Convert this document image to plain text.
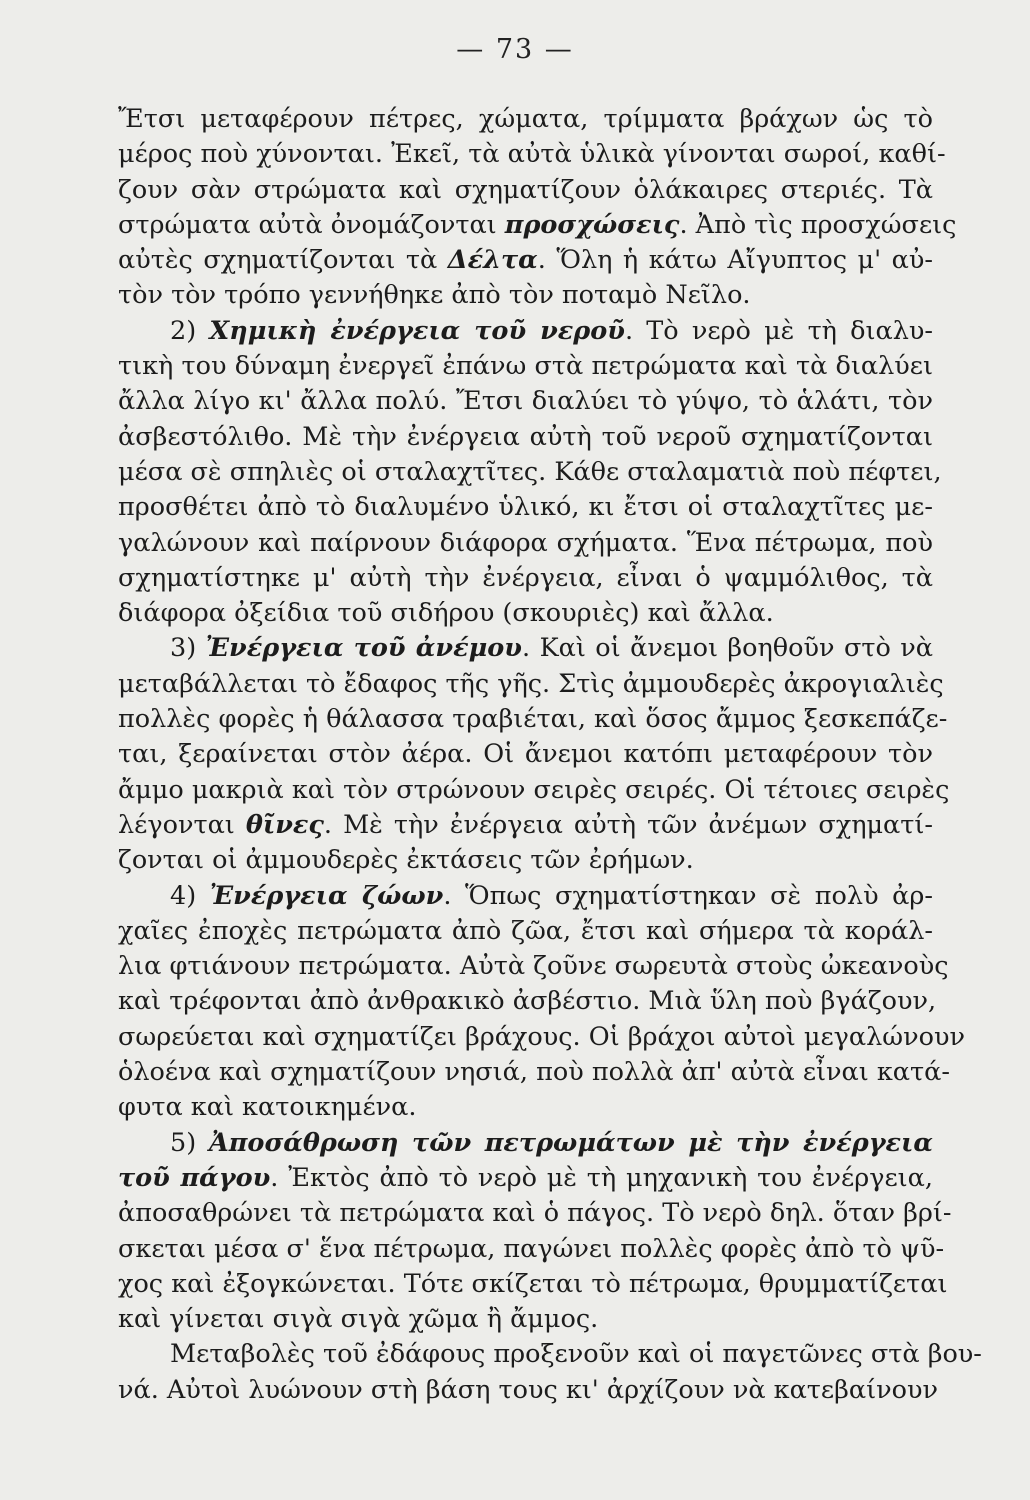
— 73 —
Ἔτσι μεταφέρουν πέτρες, χώματα, τρίμματα βράχων ὡς τὸ
μέρος ποὺ χύνονται. Ἐκεῖ, τὰ αὐτὰ ὑλικὰ γίνονται σωροί, καθί-
ζουν σὰν στρώματα καὶ σχηματίζουν ὁλάκαιρες στεριές. Τὰ
στρώματα αὐτὰ ὀνομάζονται προσχώσεις. Ἀπὸ τὶς προσχώσεις
αὐτὲς σχηματίζονται τὰ Δέλτα. Ὅλη ἡ κάτω Αἴγυπτος μ' αὐ-
τὸν τὸν τρόπο γεννήθηκε ἀπὸ τὸν ποταμὸ Νεῖλο.
2) Χημικὴ ἐνέργεια τοῦ νεροῦ. Τὸ νερὸ μὲ τὴ διαλυ-
τικὴ του δύναμη ἐνεργεῖ ἐπάνω στὰ πετρώματα καὶ τὰ διαλύει
ἄλλα λίγο κι' ἄλλα πολύ. Ἔτσι διαλύει τὸ γύψο, τὸ ἁλάτι, τὸν
ἀσβεστόλιθο. Μὲ τὴν ἐνέργεια αὐτὴ τοῦ νεροῦ σχηματίζονται
μέσα σὲ σπηλιὲς οἱ σταλαχτῖτες. Κάθε σταλαματιὰ ποὺ πέφτει,
προσθέτει ἀπὸ τὸ διαλυμένο ὑλικό, κι ἔτσι οἱ σταλαχτῖτες με-
γαλώνουν καὶ παίρνουν διάφορα σχήματα. Ἕνα πέτρωμα, ποὺ
σχηματίστηκε μ' αὐτὴ τὴν ἐνέργεια, εἶναι ὁ ψαμμόλιθος, τὰ
διάφορα ὀξείδια τοῦ σιδήρου (σκουριὲς) καὶ ἄλλα.
3) Ἐνέργεια τοῦ ἀνέμου. Καὶ οἱ ἄνεμοι βοηθοῦν στὸ νὰ
μεταβάλλεται τὸ ἔδαφος τῆς γῆς. Στὶς ἀμμουδερὲς ἀκρογιαλιὲς
πολλὲς φορὲς ἡ θάλασσα τραβιέται, καὶ ὅσος ἄμμος ξεσκεπάζε-
ται, ξεραίνεται στὸν ἀέρα. Οἱ ἄνεμοι κατόπι μεταφέρουν τὸν
ἄμμο μακριὰ καὶ τὸν στρώνουν σειρὲς σειρές. Οἱ τέτοιες σειρὲς
λέγονται θῖνες. Μὲ τὴν ἐνέργεια αὐτὴ τῶν ἀνέμων σχηματί-
ζονται οἱ ἀμμουδερὲς ἐκτάσεις τῶν ἐρήμων.
4) Ἐνέργεια ζώων. Ὅπως σχηματίστηκαν σὲ πολὺ ἀρ-
χαῖες ἐποχὲς πετρώματα ἀπὸ ζῶα, ἔτσι καὶ σήμερα τὰ κοράλ-
λια φτιάνουν πετρώματα. Αὐτὰ ζοῦνε σωρευτὰ στοὺς ὠκεανοὺς
καὶ τρέφονται ἀπὸ ἀνθρακικὸ ἀσβέστιο. Μιὰ ὕλη ποὺ βγάζουν,
σωρεύεται καὶ σχηματίζει βράχους. Οἱ βράχοι αὐτοὶ μεγαλώνουν
ὁλοένα καὶ σχηματίζουν νησιά, ποὺ πολλὰ ἀπ' αὐτὰ εἶναι κατά-
φυτα καὶ κατοικημένα.
5) Ἀποσάθρωση τῶν πετρωμάτων μὲ τὴν ἐνέργεια
τοῦ πάγου. Ἐκτὸς ἀπὸ τὸ νερὸ μὲ τὴ μηχανικὴ του ἐνέργεια,
ἀποσαθρώνει τὰ πετρώματα καὶ ὁ πάγος. Τὸ νερὸ δηλ. ὅταν βρί-
σκεται μέσα σ' ἕνα πέτρωμα, παγώνει πολλὲς φορὲς ἀπὸ τὸ ψῦ-
χος καὶ ἐξογκώνεται. Τότε σκίζεται τὸ πέτρωμα, θρυμματίζεται
καὶ γίνεται σιγὰ σιγὰ χῶμα ἢ ἄμμος.
Μεταβολὲς τοῦ ἐδάφους προξενοῦν καὶ οἱ παγετῶνες στὰ βου-
νά. Αὐτοὶ λυώνουν στὴ βάση τους κι' ἀρχίζουν νὰ κατεβαίνουν
